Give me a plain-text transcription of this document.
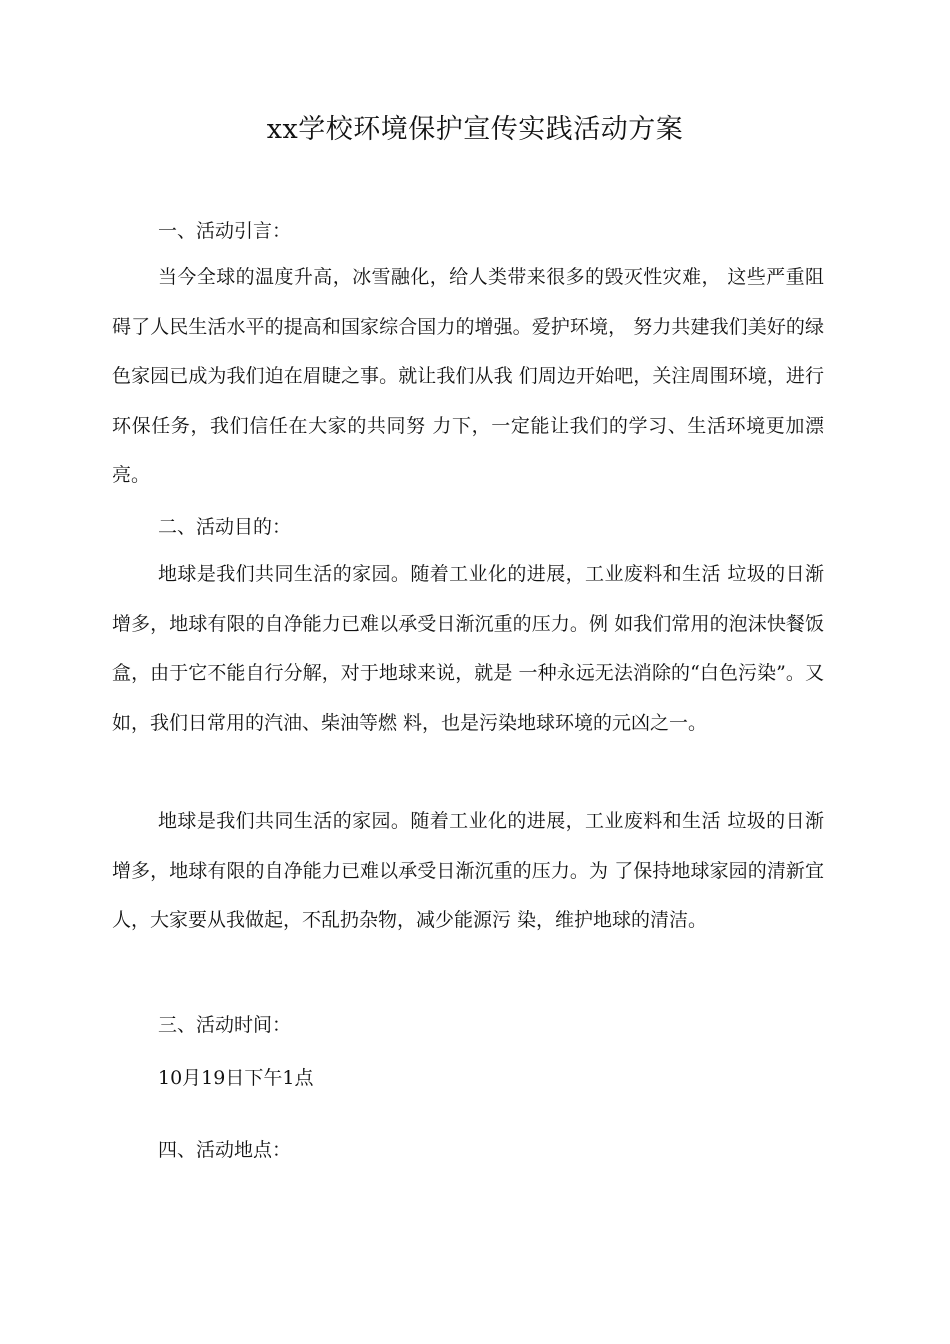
xx学校环境保护宣传实践活动方案
一、活动引言：
当今全球的温度升高，冰雪融化，给人类带来很多的毁灭性灾难， 这些严重阻碍了人民生活水平的提高和国家综合国力的增强。爱护环境， 努力共建我们美好的绿色家园已成为我们迫在眉睫之事。就让我们从我 们周边开始吧，关注周围环境，进行环保任务，我们信任在大家的共同努 力下，一定能让我们的学习、生活环境更加漂亮。
二、活动目的：
地球是我们共同生活的家园。随着工业化的进展，工业废料和生活 垃圾的日渐增多，地球有限的自净能力已难以承受日渐沉重的压力。例 如我们常用的泡沫快餐饭盒，由于它不能自行分解，对于地球来说，就是 一种永远无法消除的“白色污染”。又如，我们日常用的汽油、柴油等燃 料，也是污染地球环境的元凶之一。
地球是我们共同生活的家园。随着工业化的进展，工业废料和生活 垃圾的日渐增多，地球有限的自净能力已难以承受日渐沉重的压力。为 了保持地球家园的清新宜人，大家要从我做起，不乱扔杂物，减少能源污 染，维护地球的清洁。
三、活动时间：
10月19日下午1点
四、活动地点：
